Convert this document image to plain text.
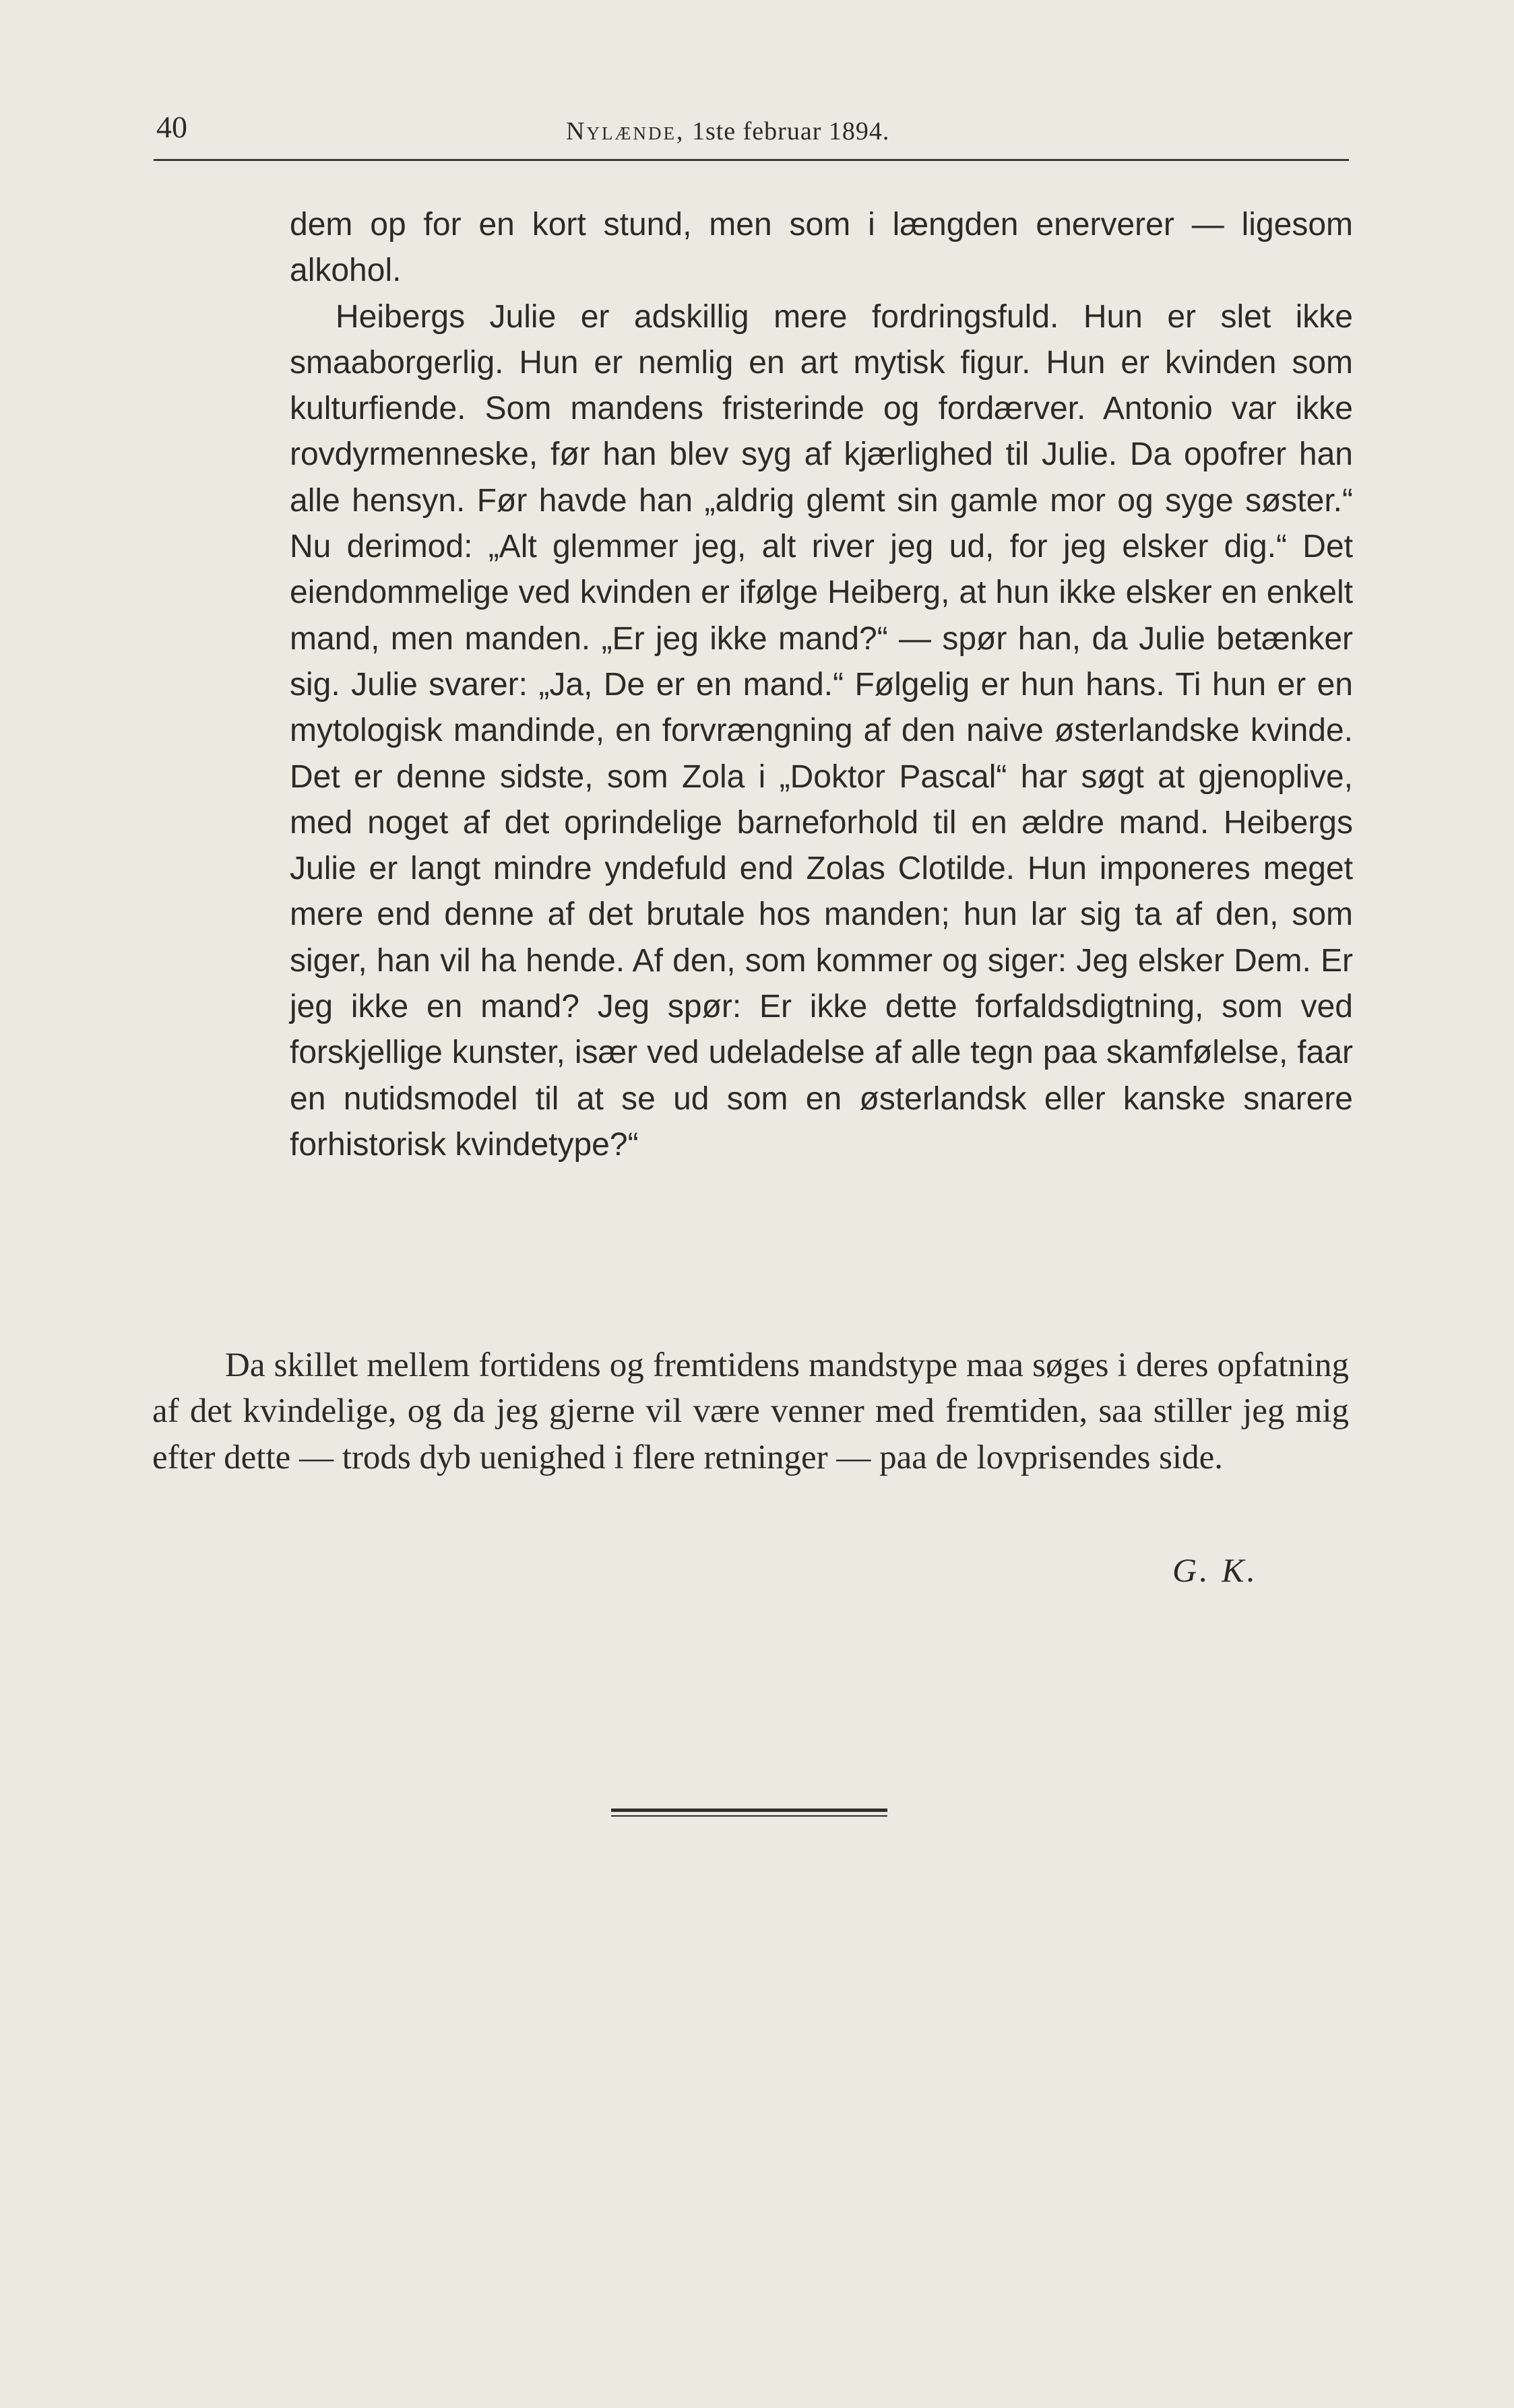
40	Nylænde, 1ste februar 1894.

dem op for en kort stund, men som i længden enerverer — ligesom alkohol.

Heibergs Julie er adskillig mere fordringsfuld. Hun er slet ikke smaaborgerlig. Hun er nemlig en art mytisk figur. Hun er kvinden som kulturfiende. Som mandens fristerinde og fordærver. Antonio var ikke rovdyrmenneske, før han blev syg af kjærlighed til Julie. Da opofrer han alle hensyn. Før havde han „aldrig glemt sin gamle mor og syge søster.“ Nu derimod: „Alt glemmer jeg, alt river jeg ud, for jeg elsker dig.“ Det eiendommelige ved kvinden er ifølge Heiberg, at hun ikke elsker en enkelt mand, men manden. „Er jeg ikke mand?“ — spør han, da Julie betænker sig. Julie svarer: „Ja, De er en mand.“ Følgelig er hun hans. Ti hun er en mytologisk mandinde, en forvrængning af den naive østerlandske kvinde. Det er denne sidste, som Zola i „Doktor Pascal“ har søgt at gjenoplive, med noget af det oprindelige barneforhold til en ældre mand. Heibergs Julie er langt mindre yndefuld end Zolas Clotilde. Hun imponeres meget mere end denne af det brutale hos manden; hun lar sig ta af den, som siger, han vil ha hende. Af den, som kommer og siger: Jeg elsker Dem. Er jeg ikke en mand? Jeg spør: Er ikke dette forfaldsdigtning, som ved forskjellige kunster, især ved udeladelse af alle tegn paa skamfølelse, faar en nutidsmodel til at se ud som en østerlandsk eller kanske snarere forhistorisk kvindetype?“

Da skillet mellem fortidens og fremtidens mandstype maa søges i deres opfatning af det kvindelige, og da jeg gjerne vil være venner med fremtiden, saa stiller jeg mig efter dette — trods dyb uenighed i flere retninger — paa de lovprisendes side.

G. K.
